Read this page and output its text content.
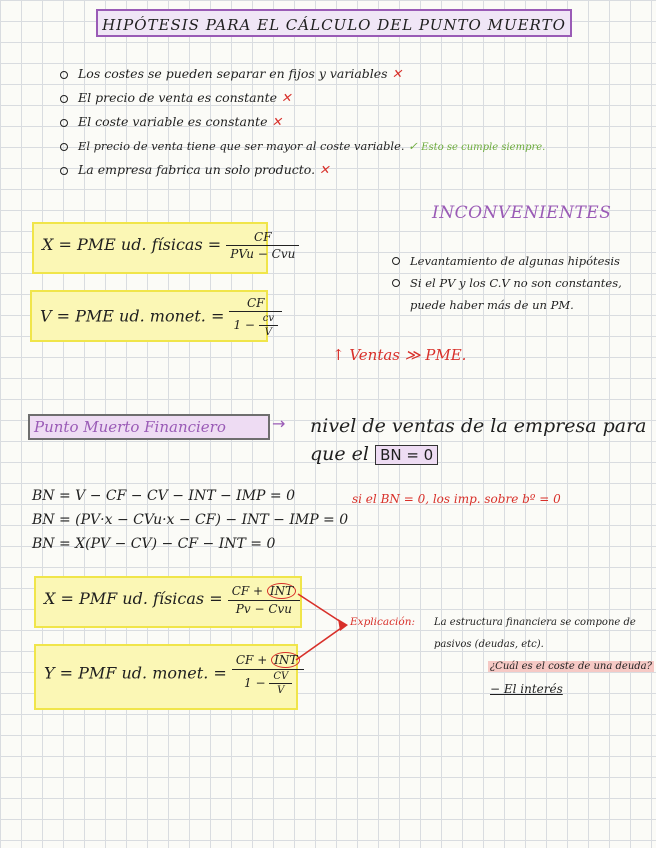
HIPÓTESIS PARA EL CÁLCULO DEL PUNTO MUERTO
Los costes se pueden separar en fijos y variables ✕
El precio de venta es constante ✕
El coste variable es constante ✕
El precio de venta tiene que ser mayor al coste variable. ✓ Esto se cumple siempre.
La empresa fabrica un solo producto. ✕
X = PME ud. físicas = $\frac{CF}{\text{PVu − Cvu}}$
V = PME ud. monet. = $\frac{CF}{1 - \frac{cv}{V}}$
INCONVENIENTES
Levantamiento de algunas hipótesis
Si el PV y los C.V no son constantes, puede haber más de un PM.
↑ Ventas ≫ PME.
Punto Muerto Financiero	→ nivel de ventas de la empresa para que el BN = 0
BN = V − CF − CV − INT − IMP = 0
BN = (PV·x − CVu·x − CF) − INT − IMP = 0
BN = X(PV − CV) − CF − INT = 0
si el BN = 0, los imp. sobre bº = 0
X = PMF ud. físicas = $\frac{\text{CF + INT}}{\text{Pv − Cvu}}$
Y = PMF ud. monet. = $\frac{\text{CF + INT}}{1 - \frac{CV}{V}}$
Explicación: La estructura financiera se compone de pasivos (deudas, etc).
¿Cuál es el coste de una deuda?
− El interés
